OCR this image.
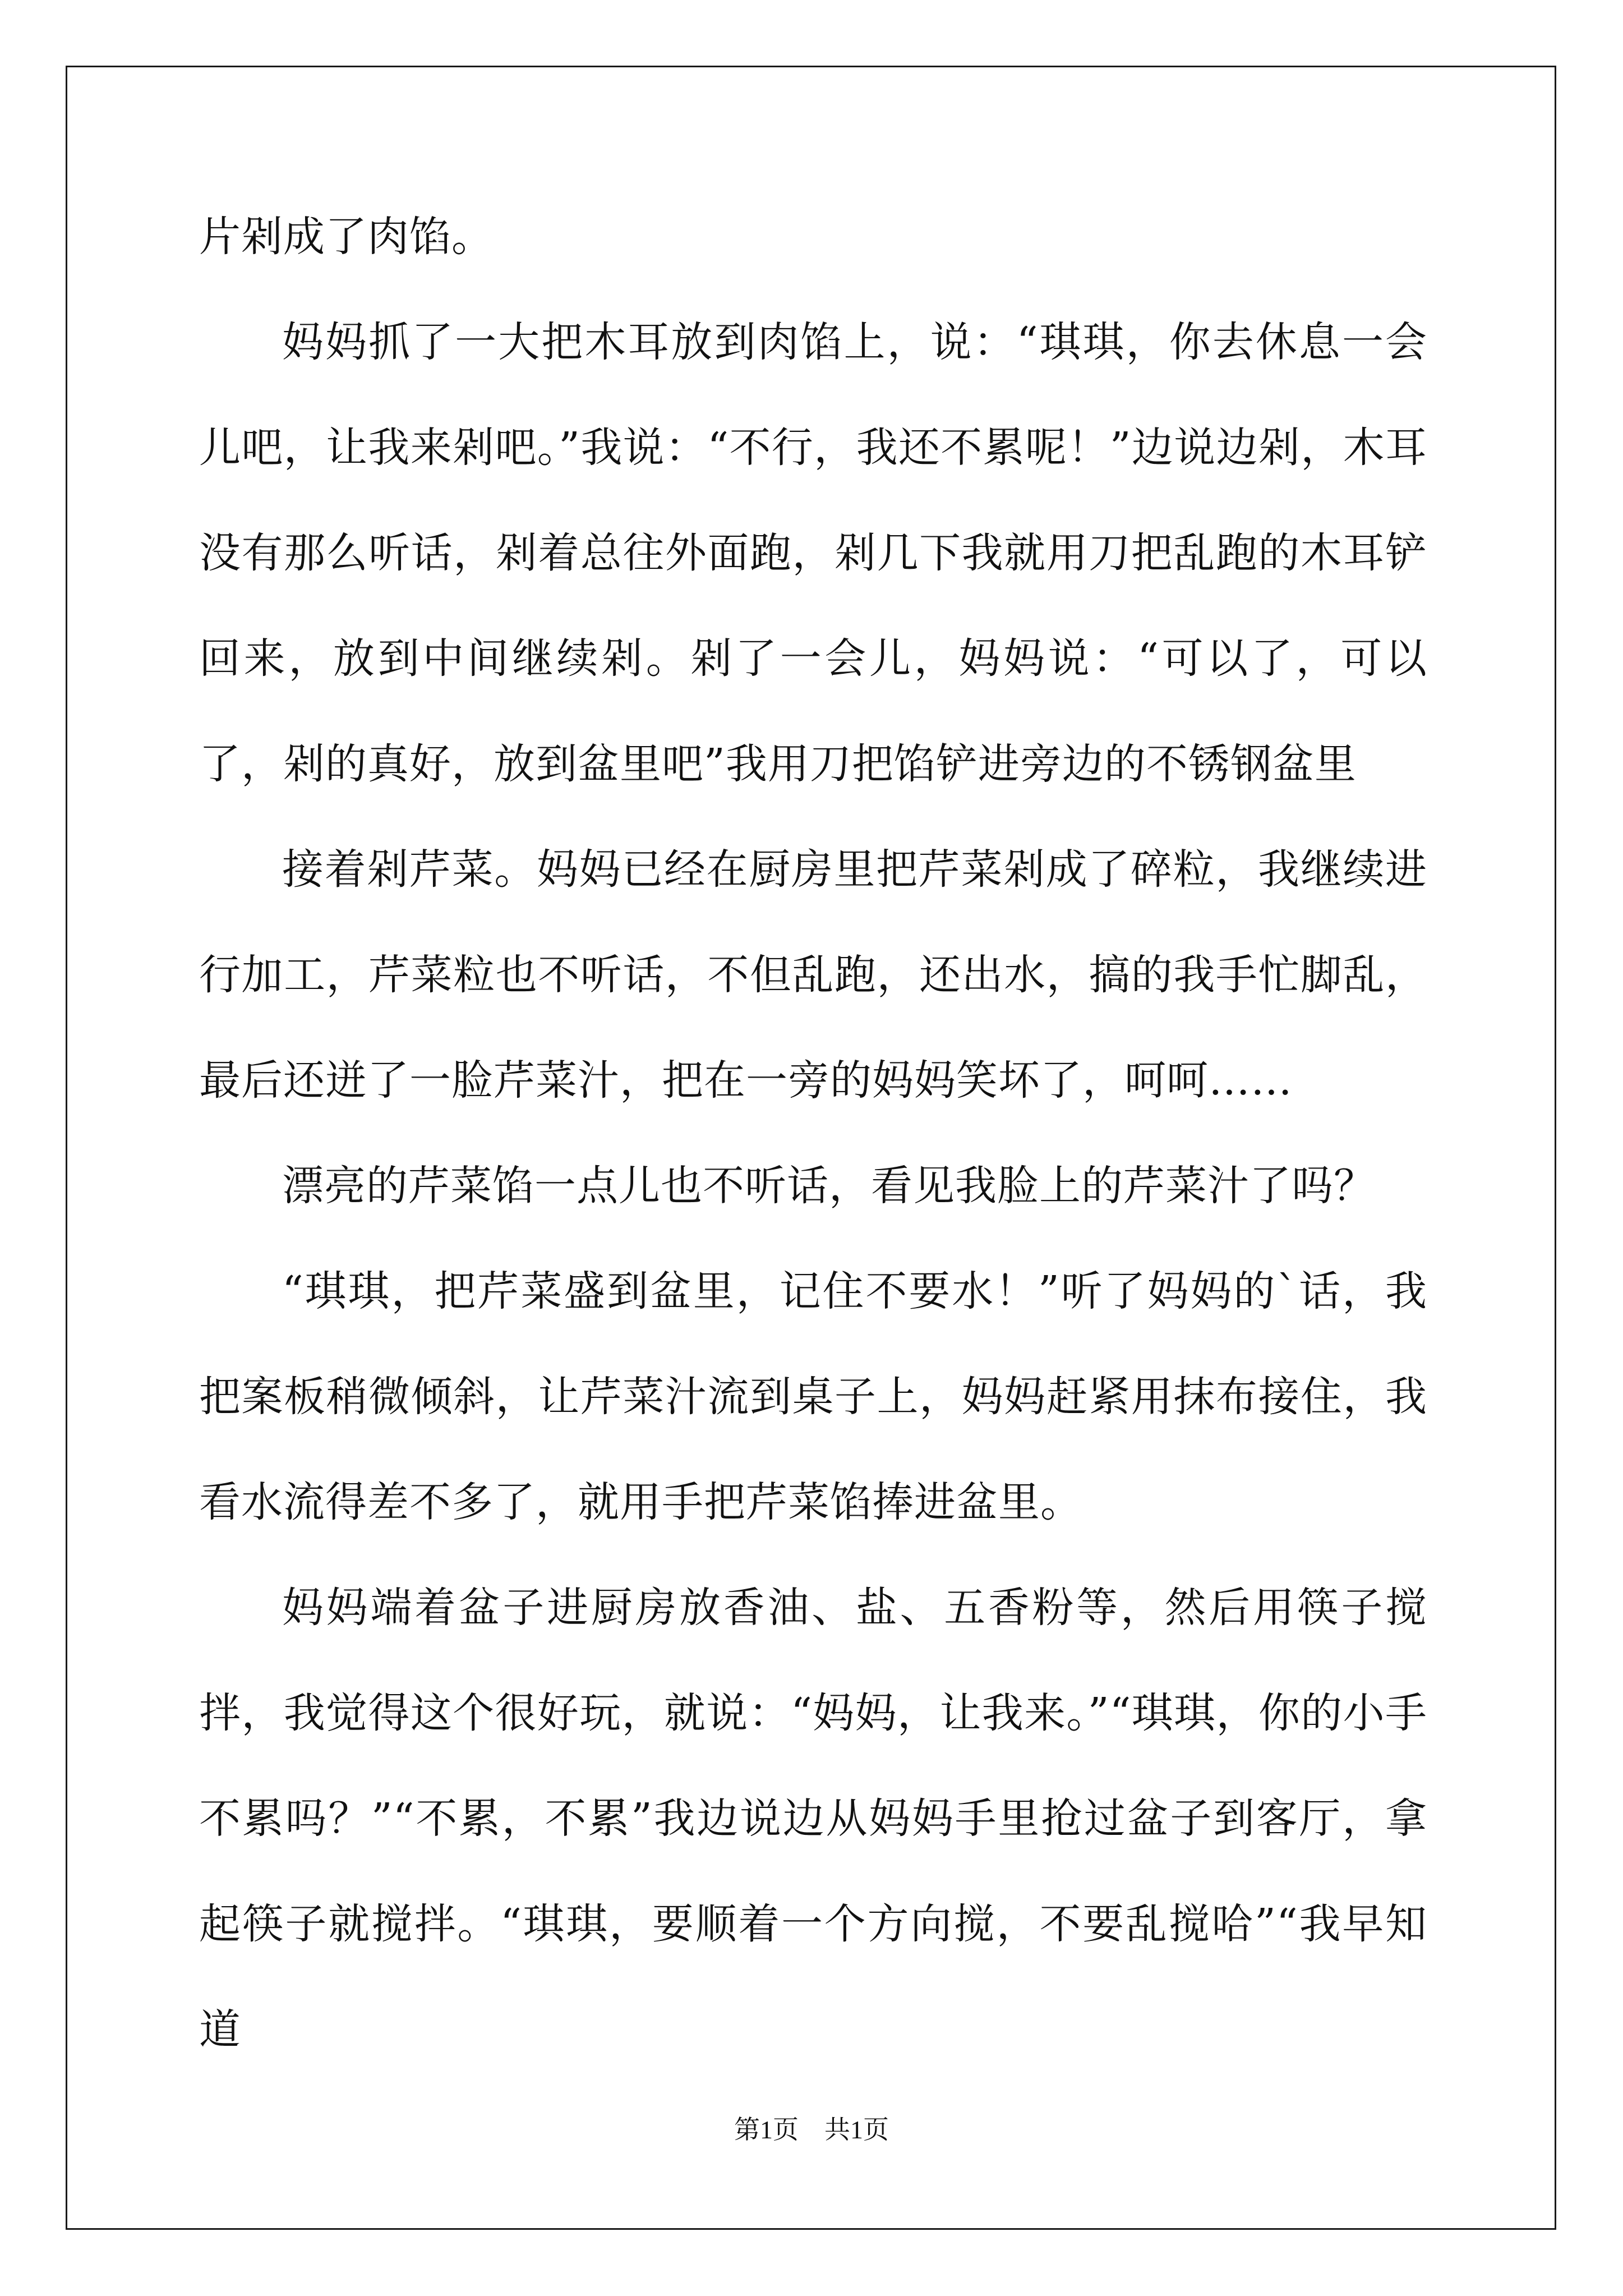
片剁成了肉馅。

妈妈抓了一大把木耳放到肉馅上，说：“琪琪，你去休息一会儿吧，让我来剁吧。”我说：“不行，我还不累呢！”边说边剁，木耳没有那么听话，剁着总往外面跑，剁几下我就用刀把乱跑的木耳铲回来，放到中间继续剁。剁了一会儿，妈妈说：“可以了，可以了，剁的真好，放到盆里吧”我用刀把馅铲进旁边的不锈钢盆里

接着剁芹菜。妈妈已经在厨房里把芹菜剁成了碎粒，我继续进行加工，芹菜粒也不听话，不但乱跑，还出水，搞的我手忙脚乱，最后还迸了一脸芹菜汁，把在一旁的妈妈笑坏了，呵呵……

漂亮的芹菜馅一点儿也不听话，看见我脸上的芹菜汁了吗？

“琪琪，把芹菜盛到盆里，记住不要水！”听了妈妈的`话，我把案板稍微倾斜，让芹菜汁流到桌子上，妈妈赶紧用抹布接住，我看水流得差不多了，就用手把芹菜馅捧进盆里。

妈妈端着盆子进厨房放香油、盐、五香粉等，然后用筷子搅拌，我觉得这个很好玩，就说：“妈妈，让我来。”“琪琪，你的小手不累吗？”“不累，不累”我边说边从妈妈手里抢过盆子到客厅，拿起筷子就搅拌。“琪琪，要顺着一个方向搅，不要乱搅哈”“我早知道

第1页　共1页
